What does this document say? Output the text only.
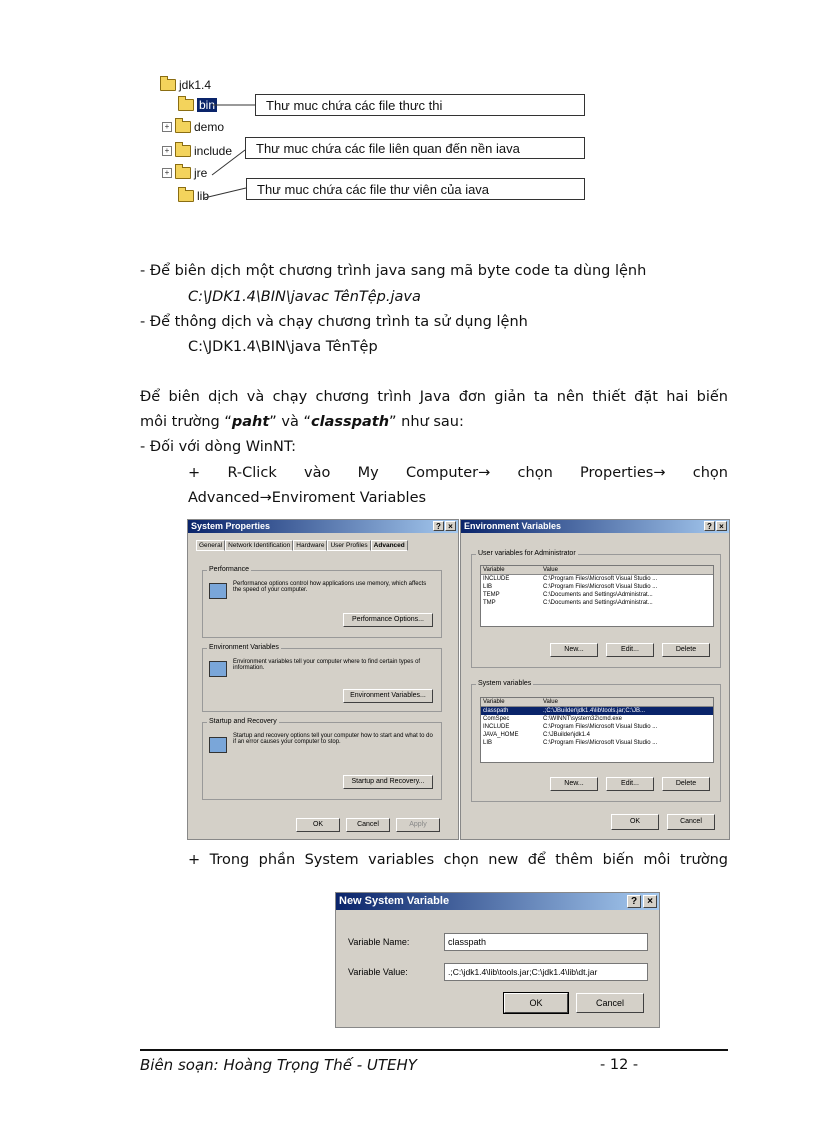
jdk1.4
bin
+ demo
+ include
+ jre
lib
Thư muc chứa các file thưc thi
Thư muc chứa các file liên quan đến nền iava
Thư muc chứa các file thư viên của iava
- Để biên dịch một chương trình java sang mã byte code ta dùng lệnh
C:\JDK1.4\BIN\javac TênTệp.java
- Để thông dịch và chạy chương trình ta sử dụng lệnh
C:\JDK1.4\BIN\java TênTệp
Để biên dịch và chạy chương trình Java đơn giản ta nên thiết đặt hai biến
môi trường “paht” và “classpath” như sau:
- Đối với dòng WinNT:
+ R-Click vào My Computer→ chọn Properties→ chọn
Advanced→Enviroment Variables
System Properties	? ×
General Network Identification Hardware User Profiles Advanced
Performance
Performance options control how applications use memory, which affects the speed of your computer.
Performance Options...
Environment Variables
Environment variables tell your computer where to find certain types of information.
Environment Variables...
Startup and Recovery
Startup and recovery options tell your computer how to start and what to do if an error causes your computer to stop.
Startup and Recovery...
OK	Cancel	Apply
Environment Variables	? ×
User variables for Administrator
Variable	Value
INCLUDE	C:\Program Files\Microsoft Visual Studio ...
LIB	C:\Program Files\Microsoft Visual Studio ...
TEMP	C:\Documents and Settings\Administrat...
TMP	C:\Documents and Settings\Administrat...
New...	Edit...	Delete
System variables
Variable	Value
classpath	.;C:\JBuilder\jdk1.4\lib\tools.jar;C:\JB...
ComSpec	C:\WINNT\system32\cmd.exe
INCLUDE	C:\Program Files\Microsoft Visual Studio ...
JAVA_HOME	C:\JBuilder\jdk1.4
LIB	C:\Program Files\Microsoft Visual Studio ...
New...	Edit...	Delete
OK	Cancel
+ Trong phần System variables chọn new để thêm biến môi trường
New System Variable	?	×
Variable Name:	classpath
Variable Value:	.;C:\jdk1.4\lib\tools.jar;C:\jdk1.4\lib\dt.jar
OK	Cancel
Biên soạn: Hoàng Trọng Thế - UTEHY	- 12 -
